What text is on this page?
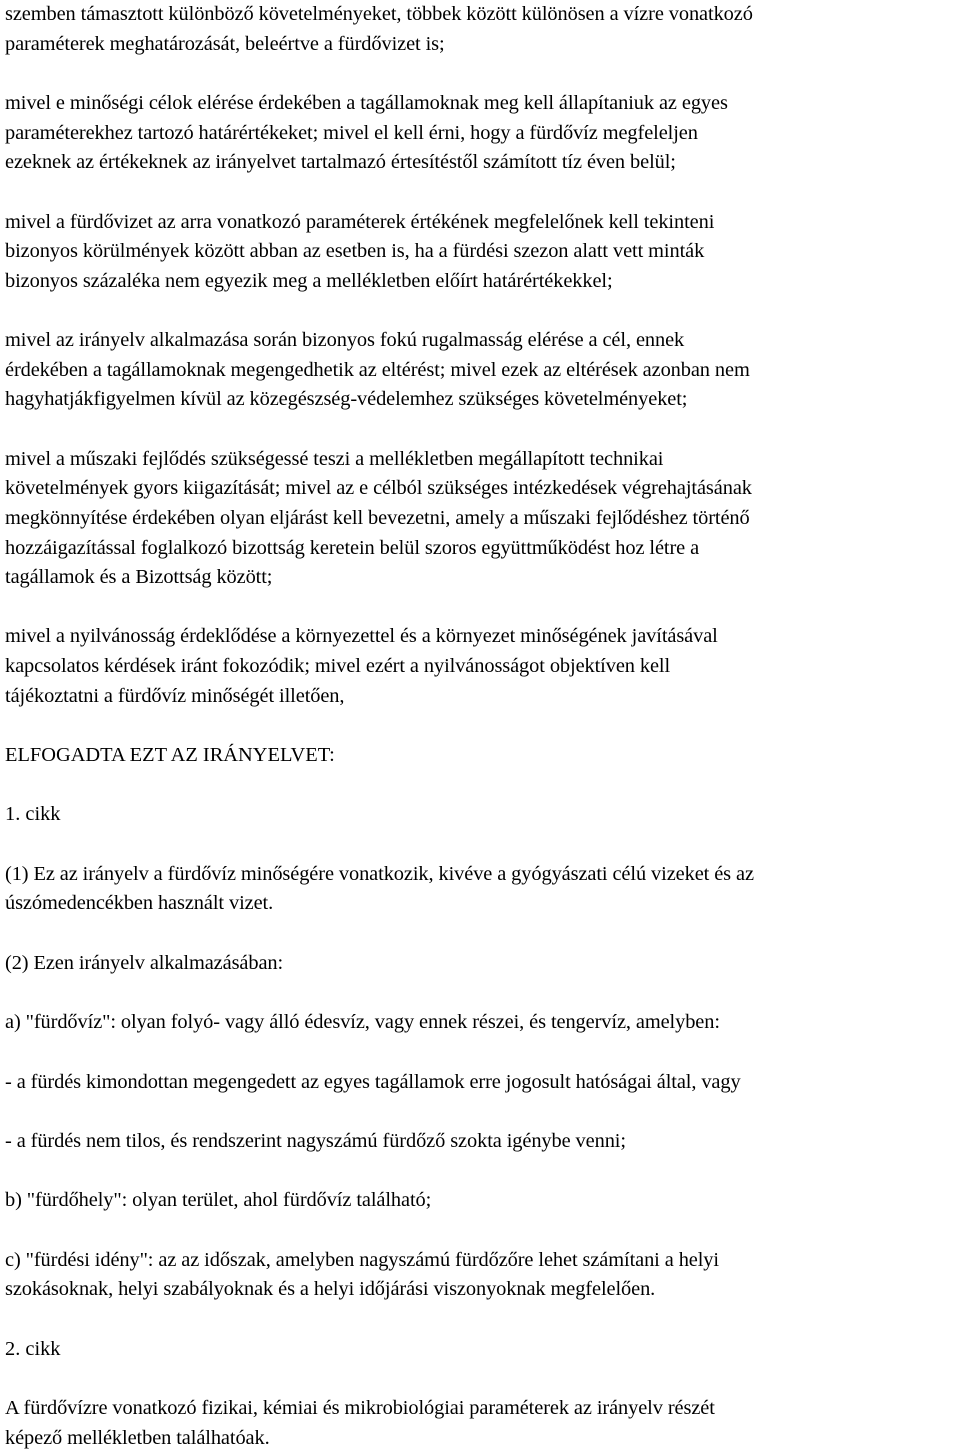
szemben támasztott különböző követelményeket, többek között különösen a vízre vonatkozó
paraméterek meghatározását, beleértve a fürdővizet is;
mivel e minőségi célok elérése érdekében a tagállamoknak meg kell állapítaniuk az egyes
paraméterekhez tartozó határértékeket; mivel el kell érni, hogy a fürdővíz megfeleljen
ezeknek az értékeknek az irányelvet tartalmazó értesítéstől számított tíz éven belül;
mivel a fürdővizet az arra vonatkozó paraméterek értékének megfelelőnek kell tekinteni
bizonyos körülmények között abban az esetben is, ha a fürdési szezon alatt vett minták
bizonyos százaléka nem egyezik meg a mellékletben előírt határértékekkel;
mivel az irányelv alkalmazása során bizonyos fokú rugalmasság elérése a cél, ennek
érdekében a tagállamoknak megengedhetik az eltérést; mivel ezek az eltérések azonban nem
hagyhatjákfigyelmen kívül az közegészség-védelemhez szükséges követelményeket;
mivel a műszaki fejlődés szükségessé teszi a mellékletben megállapított technikai
követelmények gyors kiigazítását; mivel az e célból szükséges intézkedések végrehajtásának
megkönnyítése érdekében olyan eljárást kell bevezetni, amely a műszaki fejlődéshez történő
hozzáigazítással foglalkozó bizottság keretein belül szoros együttműködést hoz létre a
tagállamok és a Bizottság között;
mivel a nyilvánosság érdeklődése a környezettel és a környezet minőségének javításával
kapcsolatos kérdések iránt fokozódik; mivel ezért a nyilvánosságot objektíven kell
tájékoztatni a fürdővíz minőségét illetően,
ELFOGADTA EZT AZ IRÁNYELVET:
1. cikk
(1) Ez az irányelv a fürdővíz minőségére vonatkozik, kivéve a gyógyászati célú vizeket és az
úszómedencékben használt vizet.
(2) Ezen irányelv alkalmazásában:
a) "fürdővíz": olyan folyó- vagy álló édesvíz, vagy ennek részei, és tengervíz, amelyben:
- a fürdés kimondottan megengedett az egyes tagállamok erre jogosult hatóságai által, vagy
- a fürdés nem tilos, és rendszerint nagyszámú fürdőző szokta igénybe venni;
b) "fürdőhely": olyan terület, ahol fürdővíz található;
c) "fürdési idény": az az időszak, amelyben nagyszámú fürdőzőre lehet számítani a helyi
szokásoknak, helyi szabályoknak és a helyi időjárási viszonyoknak megfelelően.
2. cikk
A fürdővízre vonatkozó fizikai, kémiai és mikrobiológiai paraméterek az irányelv részét
képező mellékletben találhatóak.
